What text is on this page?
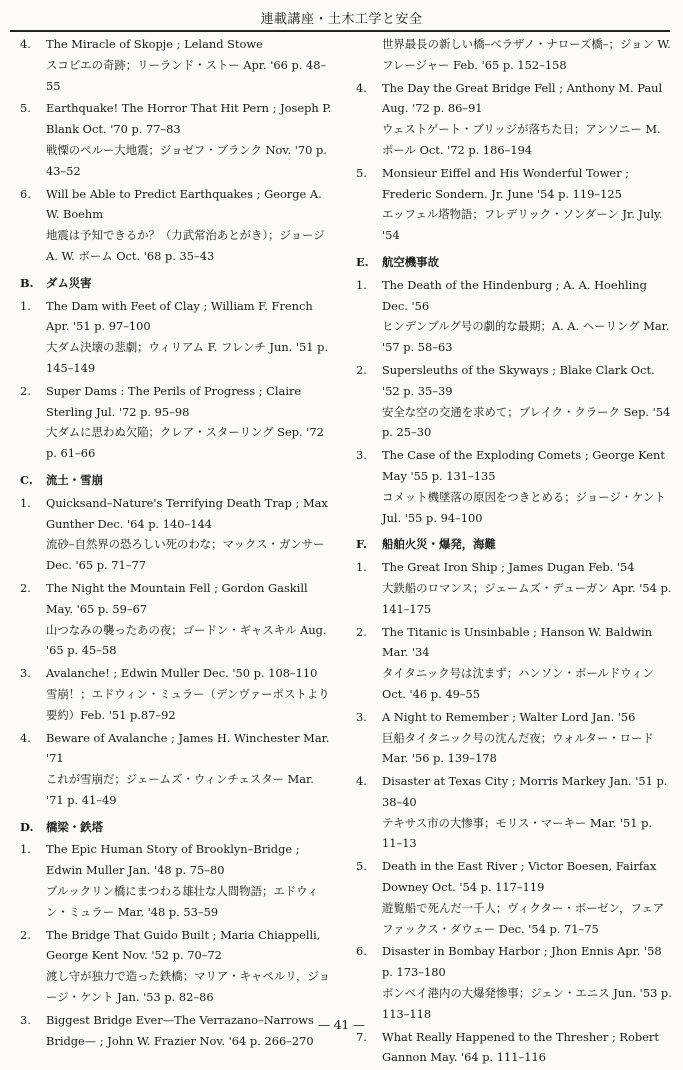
連載講座・土木工学と安全
4. The Miracle of Skopje ; Leland Stowe
スコピエの奇跡；リーランド・ストー Apr. '66 p. 48–55
5. Earthquake! The Horror That Hit Pern ; Joseph P. Blank Oct. '70 p. 77–83
戦慄のペルー大地震；ジョゼフ・ブランク Nov. '70 p. 43–52
6. Will be Able to Predict Earthquakes ; George A. W. Boehm
地震は予知できるか？（力武常治あとがき）；ジョージ A. W. ボーム Oct. '68 p. 35–43
B. ダム災害
1. The Dam with Feet of Clay ; William F. French Apr. '51 p. 97–100
大ダム決壊の悲劇；ウィリアム F. フレンチ Jun. '51 p. 145–149
2. Super Dams : The Perils of Progress ; Claire Sterling Jul. '72 p. 95–98
大ダムに思わぬ欠陥；クレア・スターリング Sep. '72 p. 61–66
C. 流土・雪崩
1. Quicksand–Nature's Terrifying Death Trap ; Max Gunther Dec. '64 p. 140–144
流砂–自然界の恐ろしい死のわな；マックス・ガンサー Dec. '65 p. 71–77
2. The Night the Mountain Fell ; Gordon Gaskill May. '65 p. 59–67
山つなみの襲ったあの夜；ゴードン・ギャスキル Aug. '65 p. 45–58
3. Avalanche! ; Edwin Muller Dec. '50 p. 108–110
雪崩！；エドウィン・ミュラー（デンヴァーポストより要約）Feb. '51 p.87–92
4. Beware of Avalanche ; James H. Winchester Mar. '71
これが雪崩だ；ジェームズ・ウィンチェスター Mar. '71 p. 41–49
D. 橋梁・鉄塔
1. The Epic Human Story of Brooklyn–Bridge ; Edwin Muller Jan. '48 p. 75–80
ブルックリン橋にまつわる雄壮な人間物語；エドウィン・ミュラー Mar. '48 p. 53–59
2. The Bridge That Guido Built ; Maria Chiappelli, George Kent Nov. '52 p. 70–72
渡し守が独力で造った鉄橋；マリア・キャペルリ，ジョージ・ケント Jan. '53 p. 82–86
3. Biggest Bridge Ever—The Verrazano–Narrows Bridge— ; John W. Frazier Nov. '64 p. 266–270
世界最長の新しい橋–ベラザノ・ナローズ橋–；ジョン W. フレージャー Feb. '65 p. 152–158
4. The Day the Great Bridge Fell ; Anthony M. Paul Aug. '72 p. 86–91
ウェストゲート・ブリッジが落ちた日；アンソニー M. ポール Oct. '72 p. 186–194
5. Monsieur Eiffel and His Wonderful Tower ; Frederic Sondern. Jr. June '54 p. 119–125
エッフェル塔物語；フレデリック・ソンダーン Jr. July. '54
E. 航空機事故
1. The Death of the Hindenburg ; A. A. Hoehling Dec. '56
ヒンデンブルグ号の劇的な最期；A. A. ヘーリング Mar. '57 p. 58–63
2. Supersleuths of the Skyways ; Blake Clark Oct. '52 p. 35–39
安全な空の交通を求めて；ブレイク・クラーク Sep. '54 p. 25–30
3. The Case of the Exploding Comets ; George Kent May '55 p. 131–135
コメット機墜落の原因をつきとめる；ジョージ・ケント Jul. '55 p. 94–100
F. 船舶火災・爆発，海難
1. The Great Iron Ship ; James Dugan Feb. '54
大鉄船のロマンス；ジェームズ・デューガン Apr. '54 p. 141–175
2. The Titanic is Unsinbable ; Hanson W. Baldwin Mar. '34
タイタニック号は沈まず；ハンソン・ボールドウィン Oct. '46 p. 49–55
3. A Night to Remember ; Walter Lord Jan. '56
巨船タイタニック号の沈んだ夜；ウォルター・ロード Mar. '56 p. 139–178
4. Disaster at Texas City ; Morris Markey Jan. '51 p. 38–40
テキサス市の大惨事；モリス・マーキー Mar. '51 p. 11–13
5. Death in the East River ; Victor Boesen, Fairfax Downey Oct. '54 p. 117–119
遊覧船で死んだ一千人；ヴィクター・ボーゼン，フェアファックス・ダウェー Dec. '54 p. 71–75
6. Disaster in Bombay Harbor ; Jhon Ennis Apr. '58 p. 173–180
ボンベイ港内の大爆発惨事；ジェン・エニス Jun. '53 p. 113–118
7. What Really Happened to the Thresher ; Robert Gannon May. '64 p. 111–116
— 41 —
